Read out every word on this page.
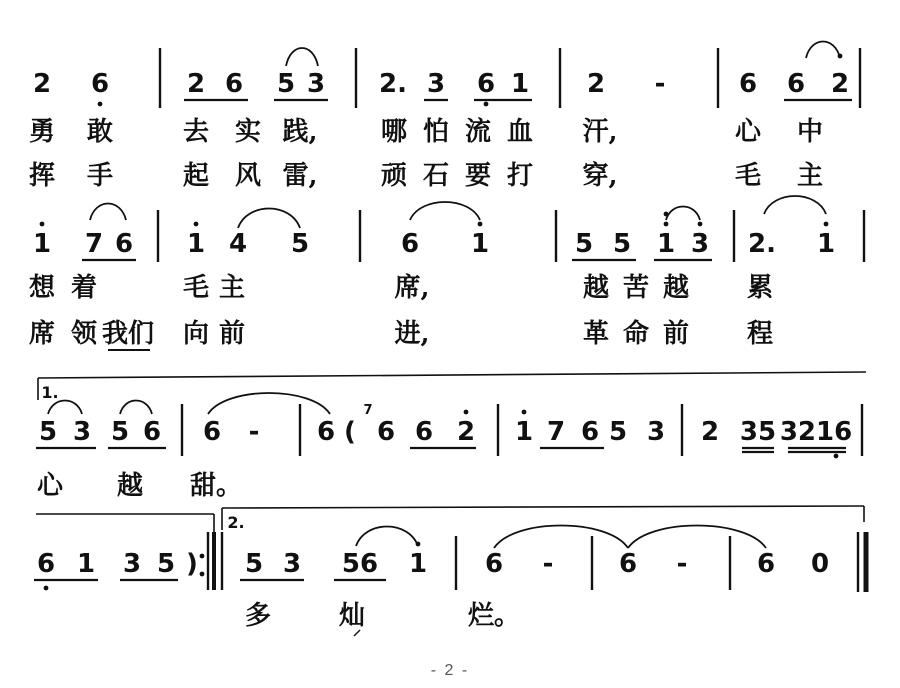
2 6	2 6 5 3 2. 3 6 1 2 -	6 6 2
勇 敢	去 实 践, 哪 怕 流 血 汗,	心 中
挥 手	起 风 雷, 顽 石 要 打 穿,	毛 主
1 7 6 1 4 5	6 1	5 5 1 3 2. 1
想 着	毛 主	席,	越 苦 越 累
席 领 我们 向 前	进,	革 命 前 程
1.
5 3 5 6 6 - 6 ( 6 6 2 1 7 6 5 3 2 35 3216
7
心 越 甜。
2.
6 1 3 5 ) 5 3 56 1 6 -	6 -	6 0
多	灿	烂。
- 2 -
